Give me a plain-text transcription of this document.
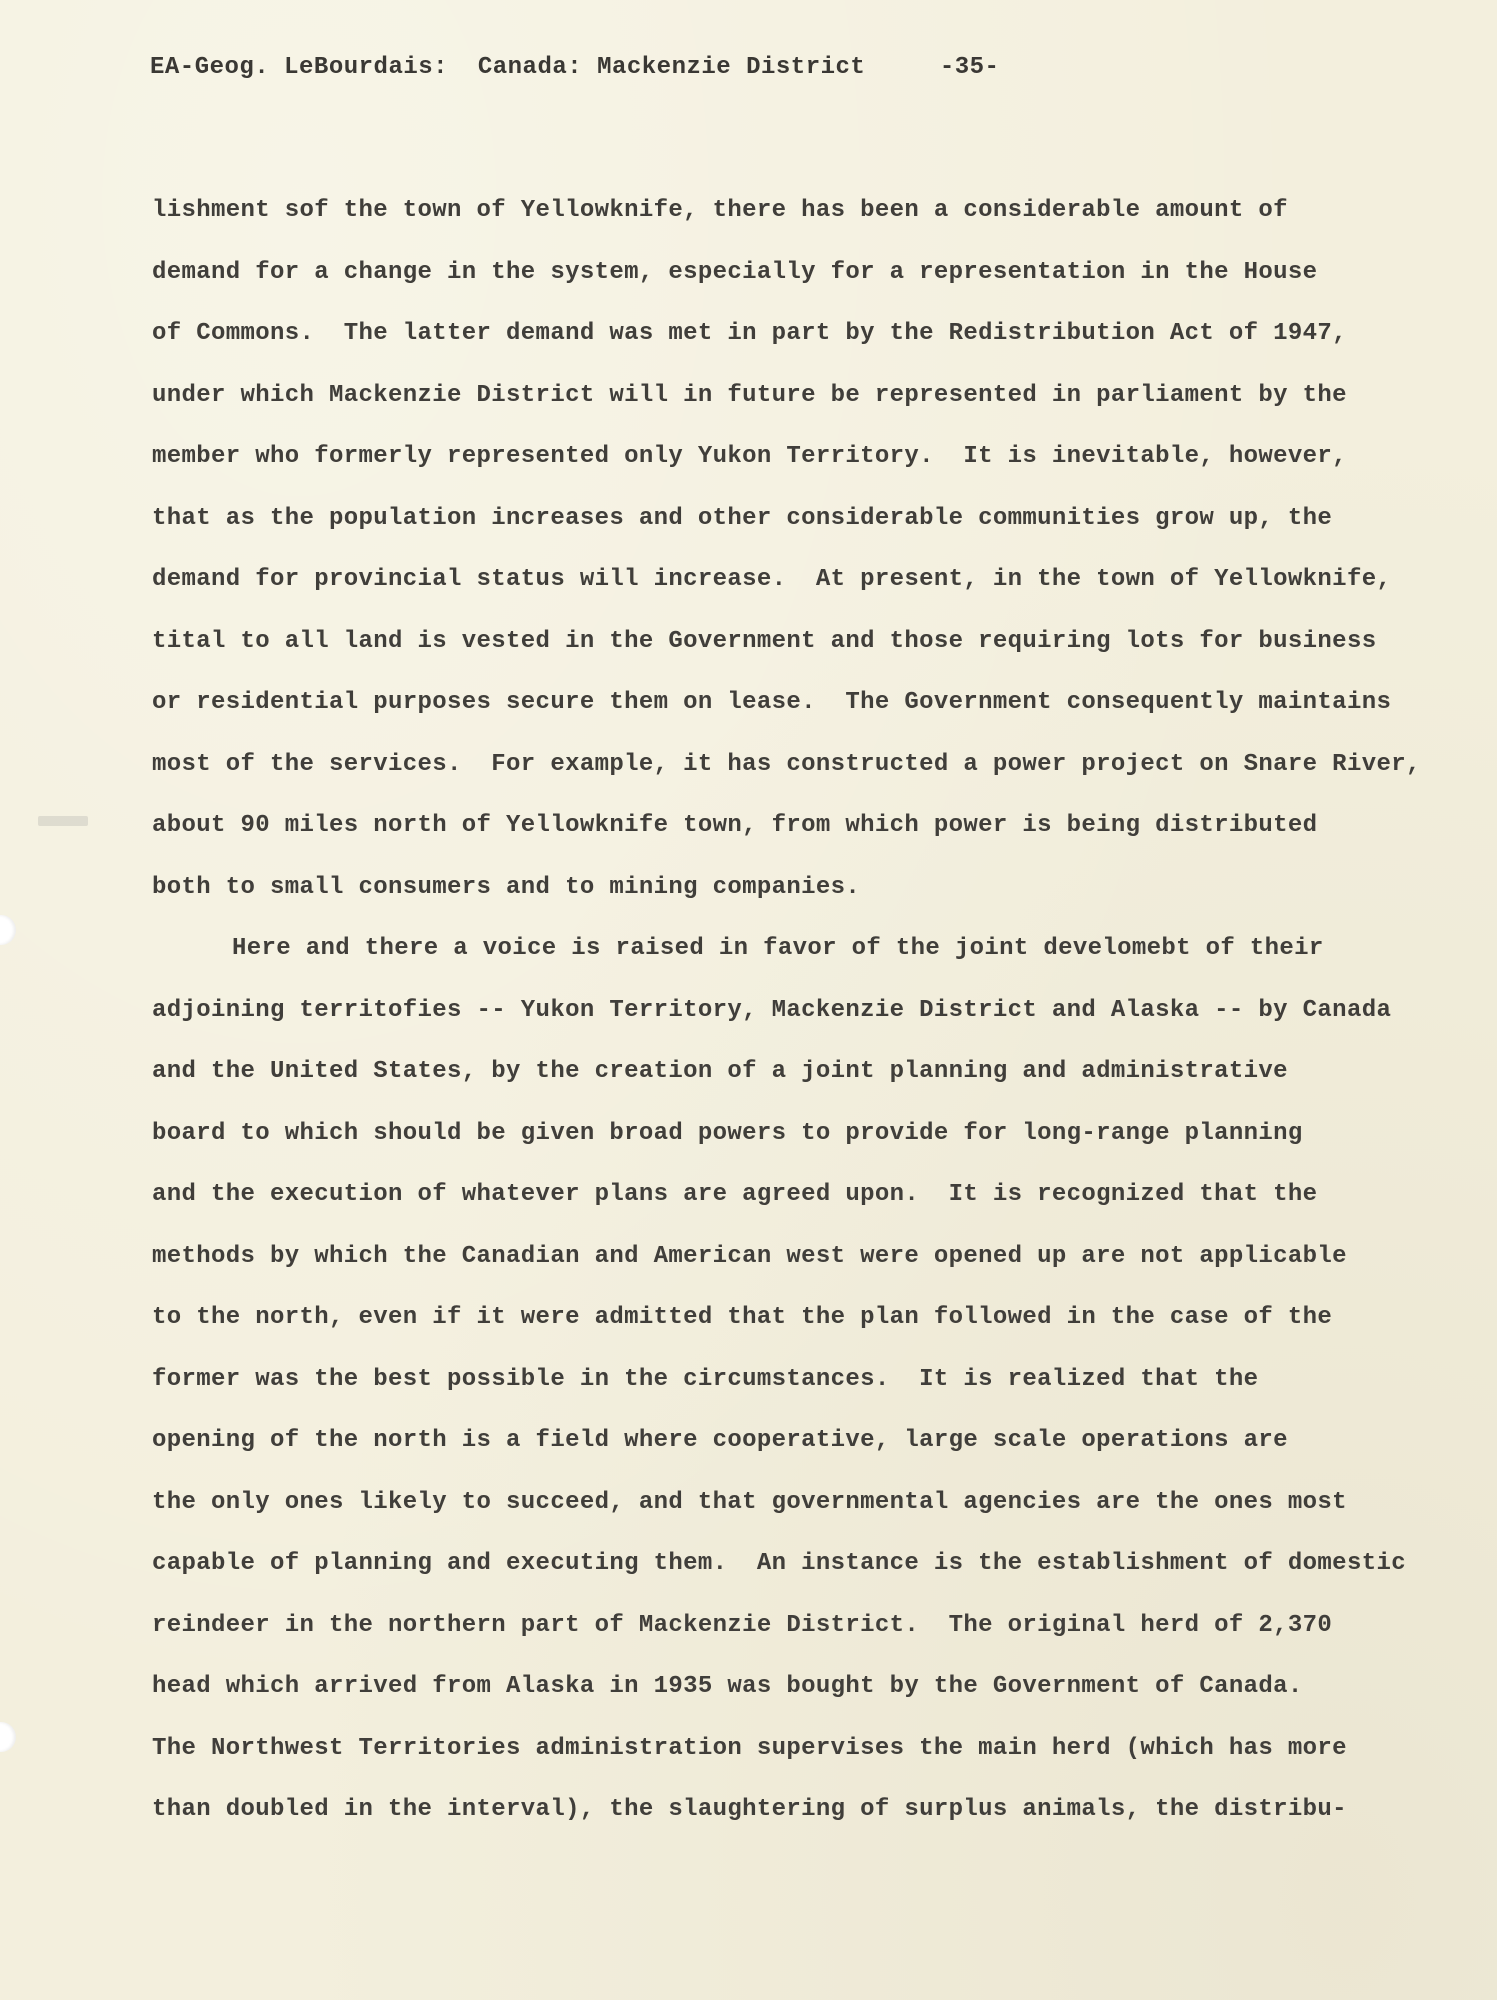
EA-Geog. LeBourdais:  Canada: Mackenzie District     -35-
lishment sof the town of Yellowknife, there has been a considerable amount of
demand for a change in the system, especially for a representation in the House
of Commons.  The latter demand was met in part by the Redistribution Act of 1947,
under which Mackenzie District will in future be represented in parliament by the
member who formerly represented only Yukon Territory.  It is inevitable, however,
that as the population increases and other considerable communities grow up, the
demand for provincial status will increase.  At present, in the town of Yellowknife,
tital to all land is vested in the Government and those requiring lots for business
or residential purposes secure them on lease.  The Government consequently maintains
most of the services.  For example, it has constructed a power project on Snare River,
about 90 miles north of Yellowknife town, from which power is being distributed
both to small consumers and to mining companies.
Here and there a voice is raised in favor of the joint develomebt of their
adjoining territofies -- Yukon Territory, Mackenzie District and Alaska -- by Canada
and the United States, by the creation of a joint planning and administrative
board to which should be given broad powers to provide for long-range planning
and the execution of whatever plans are agreed upon.  It is recognized that the
methods by which the Canadian and American west were opened up are not applicable
to the north, even if it were admitted that the plan followed in the case of the
former was the best possible in the circumstances.  It is realized that the
opening of the north is a field where cooperative, large scale operations are
the only ones likely to succeed, and that governmental agencies are the ones most
capable of planning and executing them.  An instance is the establishment of domestic
reindeer in the northern part of Mackenzie District.  The original herd of 2,370
head which arrived from Alaska in 1935 was bought by the Government of Canada.
The Northwest Territories administration supervises the main herd (which has more
than doubled in the interval), the slaughtering of surplus animals, the distribu-
